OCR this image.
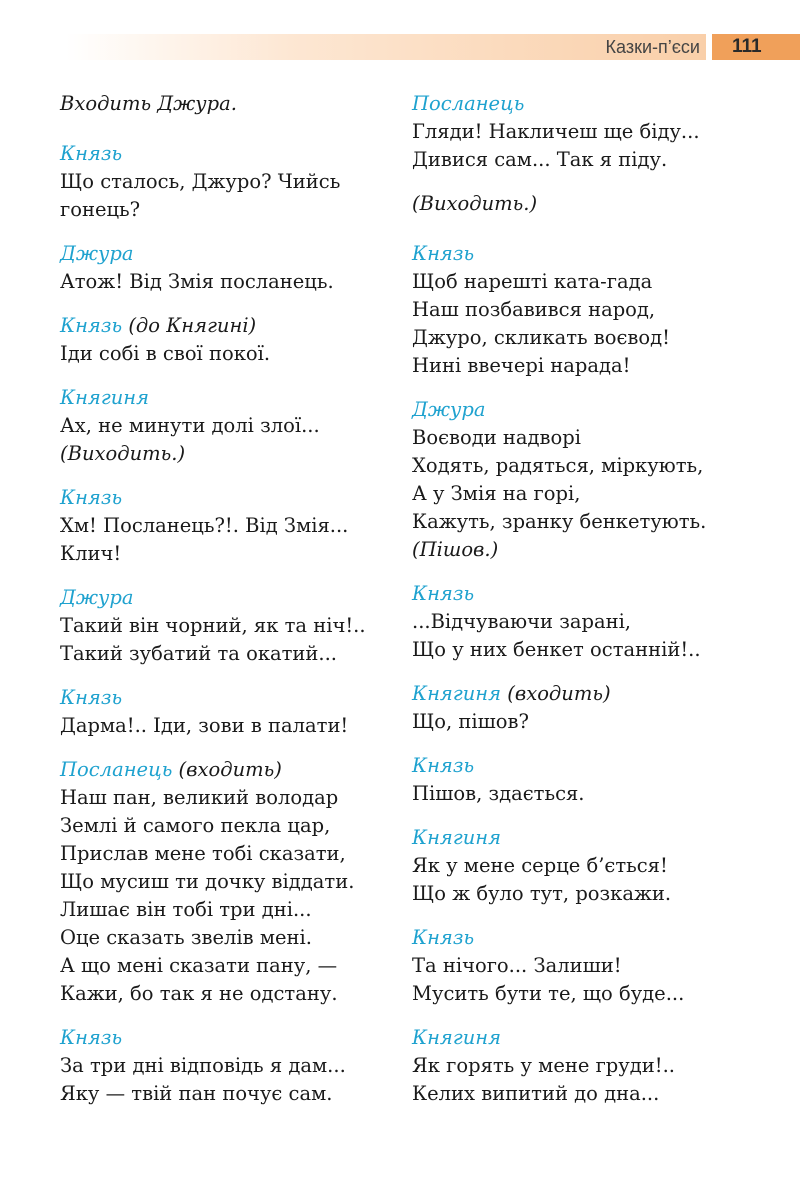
Казки-п’єси 111
Входить Джура.
Князь
Що сталось, Джуро? Чийсь
гонець?
Джура
Атож! Від Змія посланець.
Князь (до Княгині)
Іди собі в свої покої.
Княгиня
Ах, не минути долі злої...
(Виходить.)
Князь
Хм! Посланець?!. Від Змія...
Клич!
Джура
Такий він чорний, як та ніч!..
Такий зубатий та окатий...
Князь
Дарма!.. Іди, зови в палати!
Посланець (входить)
Наш пан, великий володар
Землі й самого пекла цар,
Прислав мене тобі сказати,
Що мусиш ти дочку віддати.
Лишає він тобі три дні...
Оце сказать звелів мені.
А що мені сказати пану, —
Кажи, бо так я не одстану.
Князь
За три дні відповідь я дам...
Яку — твій пан почує сам.
Посланець
Гляди! Накличеш ще біду...
Дивися сам... Так я піду.
(Виходить.)
Князь
Щоб нарешті ката-гада
Наш позбавився народ,
Джуро, скликать воєвод!
Нині ввечері нарада!
Джура
Воєводи надворі
Ходять, радяться, міркують,
А у Змія на горі,
Кажуть, зранку бенкетують.
(Пішов.)
Князь
...Відчуваючи зарані,
Що у них бенкет останній!..
Княгиня (входить)
Що, пішов?
Князь
Пішов, здається.
Княгиня
Як у мене серце б’ється!
Що ж було тут, розкажи.
Князь
Та нічого... Залиши!
Мусить бути те, що буде...
Княгиня
Як горять у мене груди!..
Келих випитий до дна...
